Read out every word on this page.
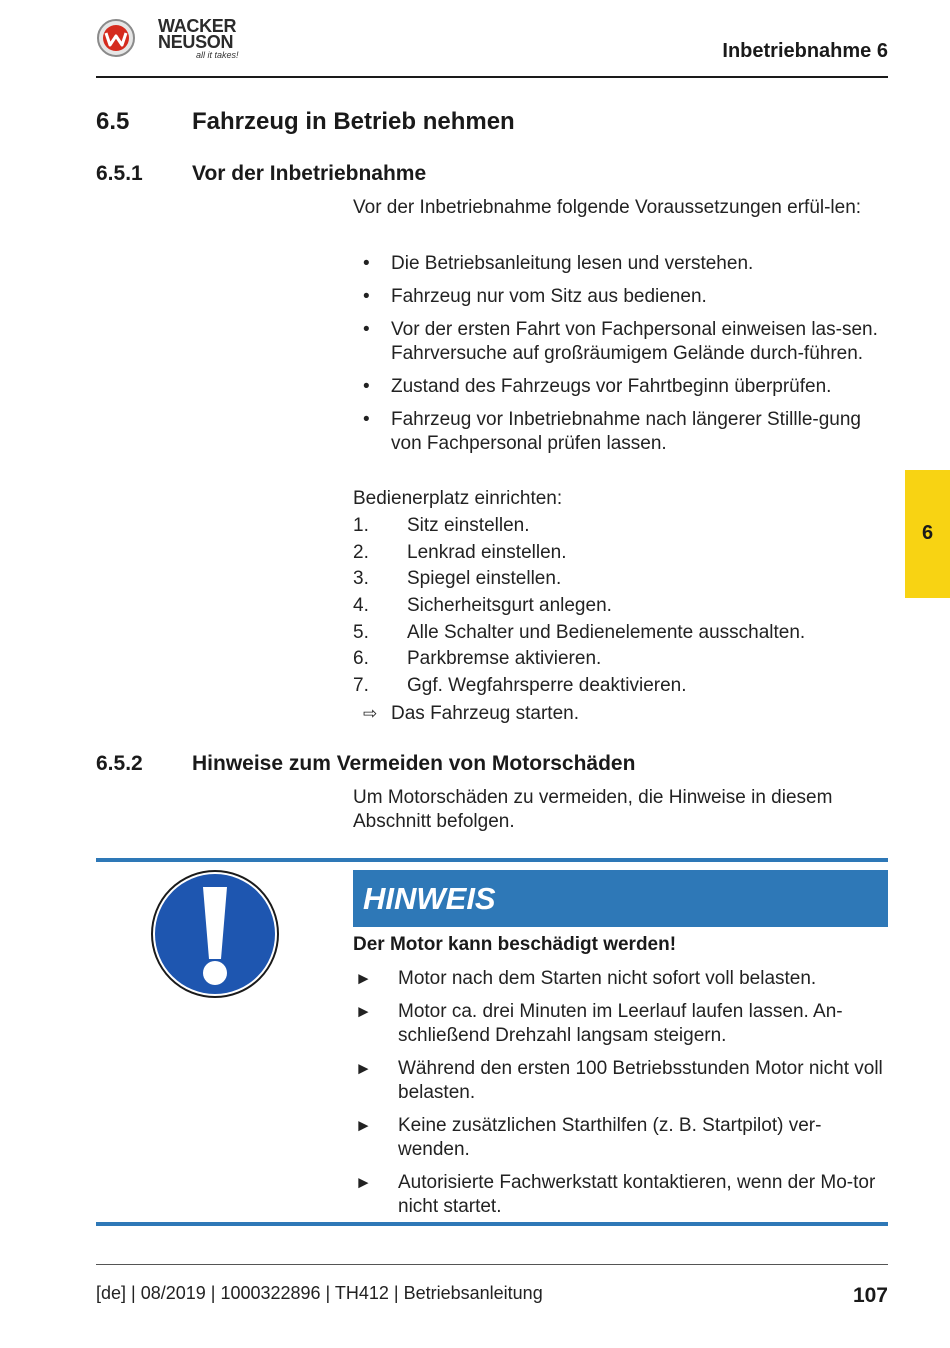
WACKER
NEUSON
all it takes!	Inbetriebnahme 6
6
6.5	Fahrzeug in Betrieb nehmen
6.5.1 Vor der Inbetriebnahme
Vor der Inbetriebnahme folgende Voraussetzungen erfül-len:
• Die Betriebsanleitung lesen und verstehen.
• Fahrzeug nur vom Sitz aus bedienen.
• Vor der ersten Fahrt von Fachpersonal einweisen las-sen. Fahrversuche auf großräumigem Gelände durch-führen.
• Zustand des Fahrzeugs vor Fahrtbeginn überprüfen.
• Fahrzeug vor Inbetriebnahme nach längerer Stillle-gung von Fachpersonal prüfen lassen.
Bedienerplatz einrichten:
1. Sitz einstellen.
2. Lenkrad einstellen.
3. Spiegel einstellen.
4. Sicherheitsgurt anlegen.
5. Alle Schalter und Bedienelemente ausschalten.
6. Parkbremse aktivieren.
7. Ggf. Wegfahrsperre deaktivieren.
⇨ Das Fahrzeug starten.
6.5.2 Hinweise zum Vermeiden von Motorschäden
Um Motorschäden zu vermeiden, die Hinweise in diesem Abschnitt befolgen.
HINWEIS
Der Motor kann beschädigt werden!
► Motor nach dem Starten nicht sofort voll belasten.
► Motor ca. drei Minuten im Leerlauf laufen lassen. An-schließend Drehzahl langsam steigern.
► Während den ersten 100 Betriebsstunden Motor nicht voll belasten.
► Keine zusätzlichen Starthilfen (z. B. Startpilot) ver-wenden.
► Autorisierte Fachwerkstatt kontaktieren, wenn der Mo-tor nicht startet.
[de] | 08/2019 | 1000322896 | TH412 | Betriebsanleitung	107
